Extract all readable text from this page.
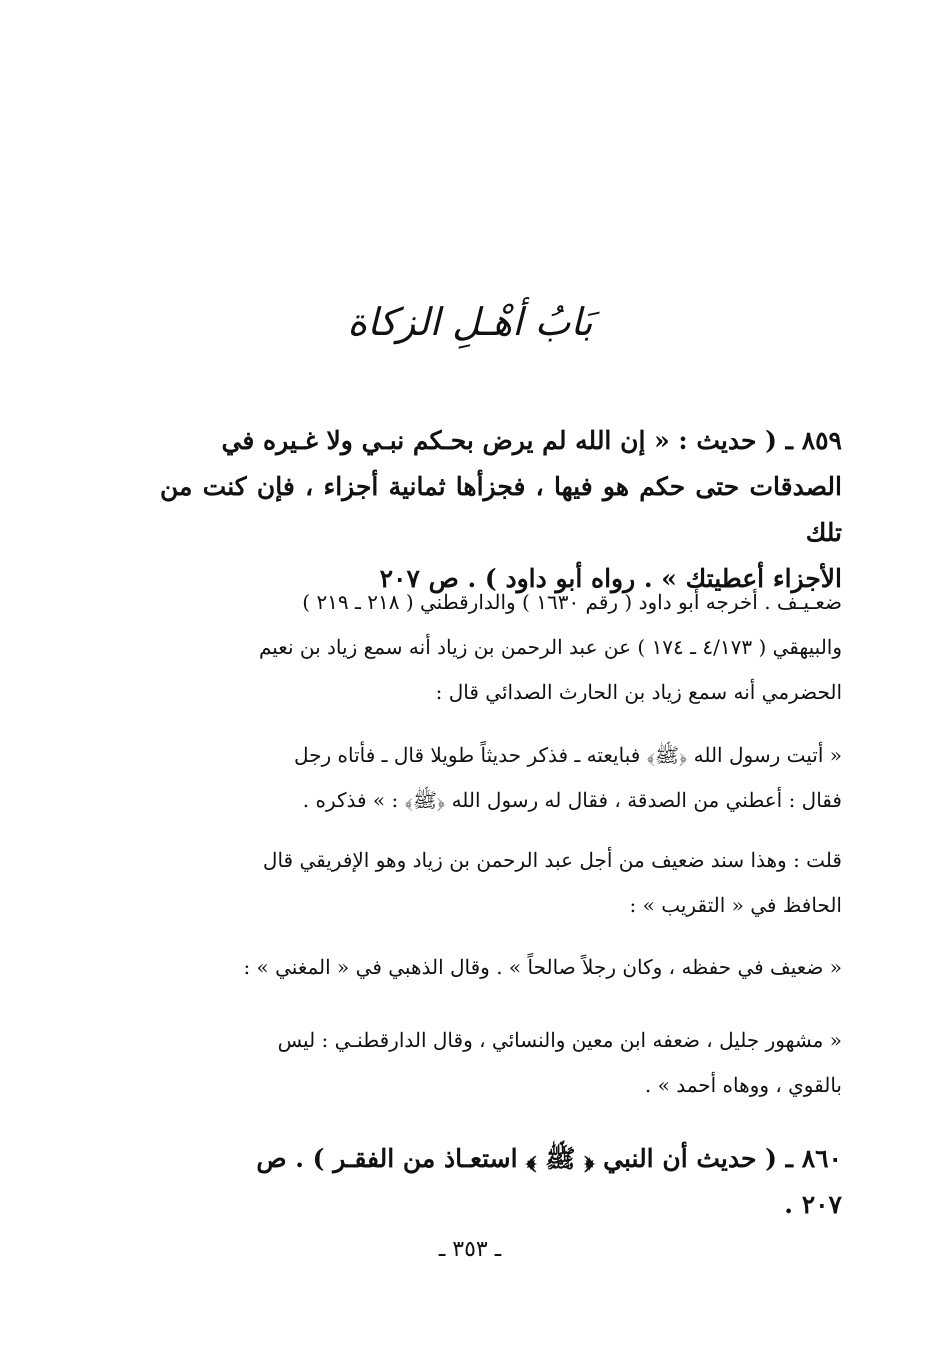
بَابُ أهْـلِ الزكاة
٨٥٩ ـ ( حديث : « إن الله لم يرض بحـكم نبـي ولا غـيره في
الصدقات حتى حكم هو فيها ، فجزأها ثمانية أجزاء ، فإن كنت من تلك
الأجزاء أعطيتك » . رواه أبو داود ) . ص ٢٠٧
ضعـيـف . أخرجه أبو داود ( رقم ١٦٣٠ ) والدارقطني ( ٢١٨ ـ ٢١٩ )
والبيهقي ( ٤/١٧٣ ـ ١٧٤ ) عن عبد الرحمن بن زياد أنه سمع زياد بن نعيم
الحضرمي أنه سمع زياد بن الحارث الصدائي قال :
« أتيت رسول الله ﴿ﷺ﴾ فبايعته ـ فذكر حديثاً طويلا قال ـ فأتاه رجل
فقال : أعطني من الصدقة ، فقال له رسول الله ﴿ﷺ﴾ : » فذكره .
قلت : وهذا سند ضعيف من أجل عبد الرحمن بن زياد وهو الإفريقي قال
الحافظ في « التقريب » :
« ضعيف في حفظه ، وكان رجلاً صالحاً » . وقال الذهبي في « المغني » :
« مشهور جليل ، ضعفه ابن معين والنسائي ، وقال الدارقطنـي : ليس
بالقوي ، ووهاه أحمد » .
٨٦٠ ـ ( حديث أن النبي ﴿ ﷺ ﴾ استعـاذ من الفقـر ) . ص
٢٠٧ .
ـ ٣٥٣ ـ
